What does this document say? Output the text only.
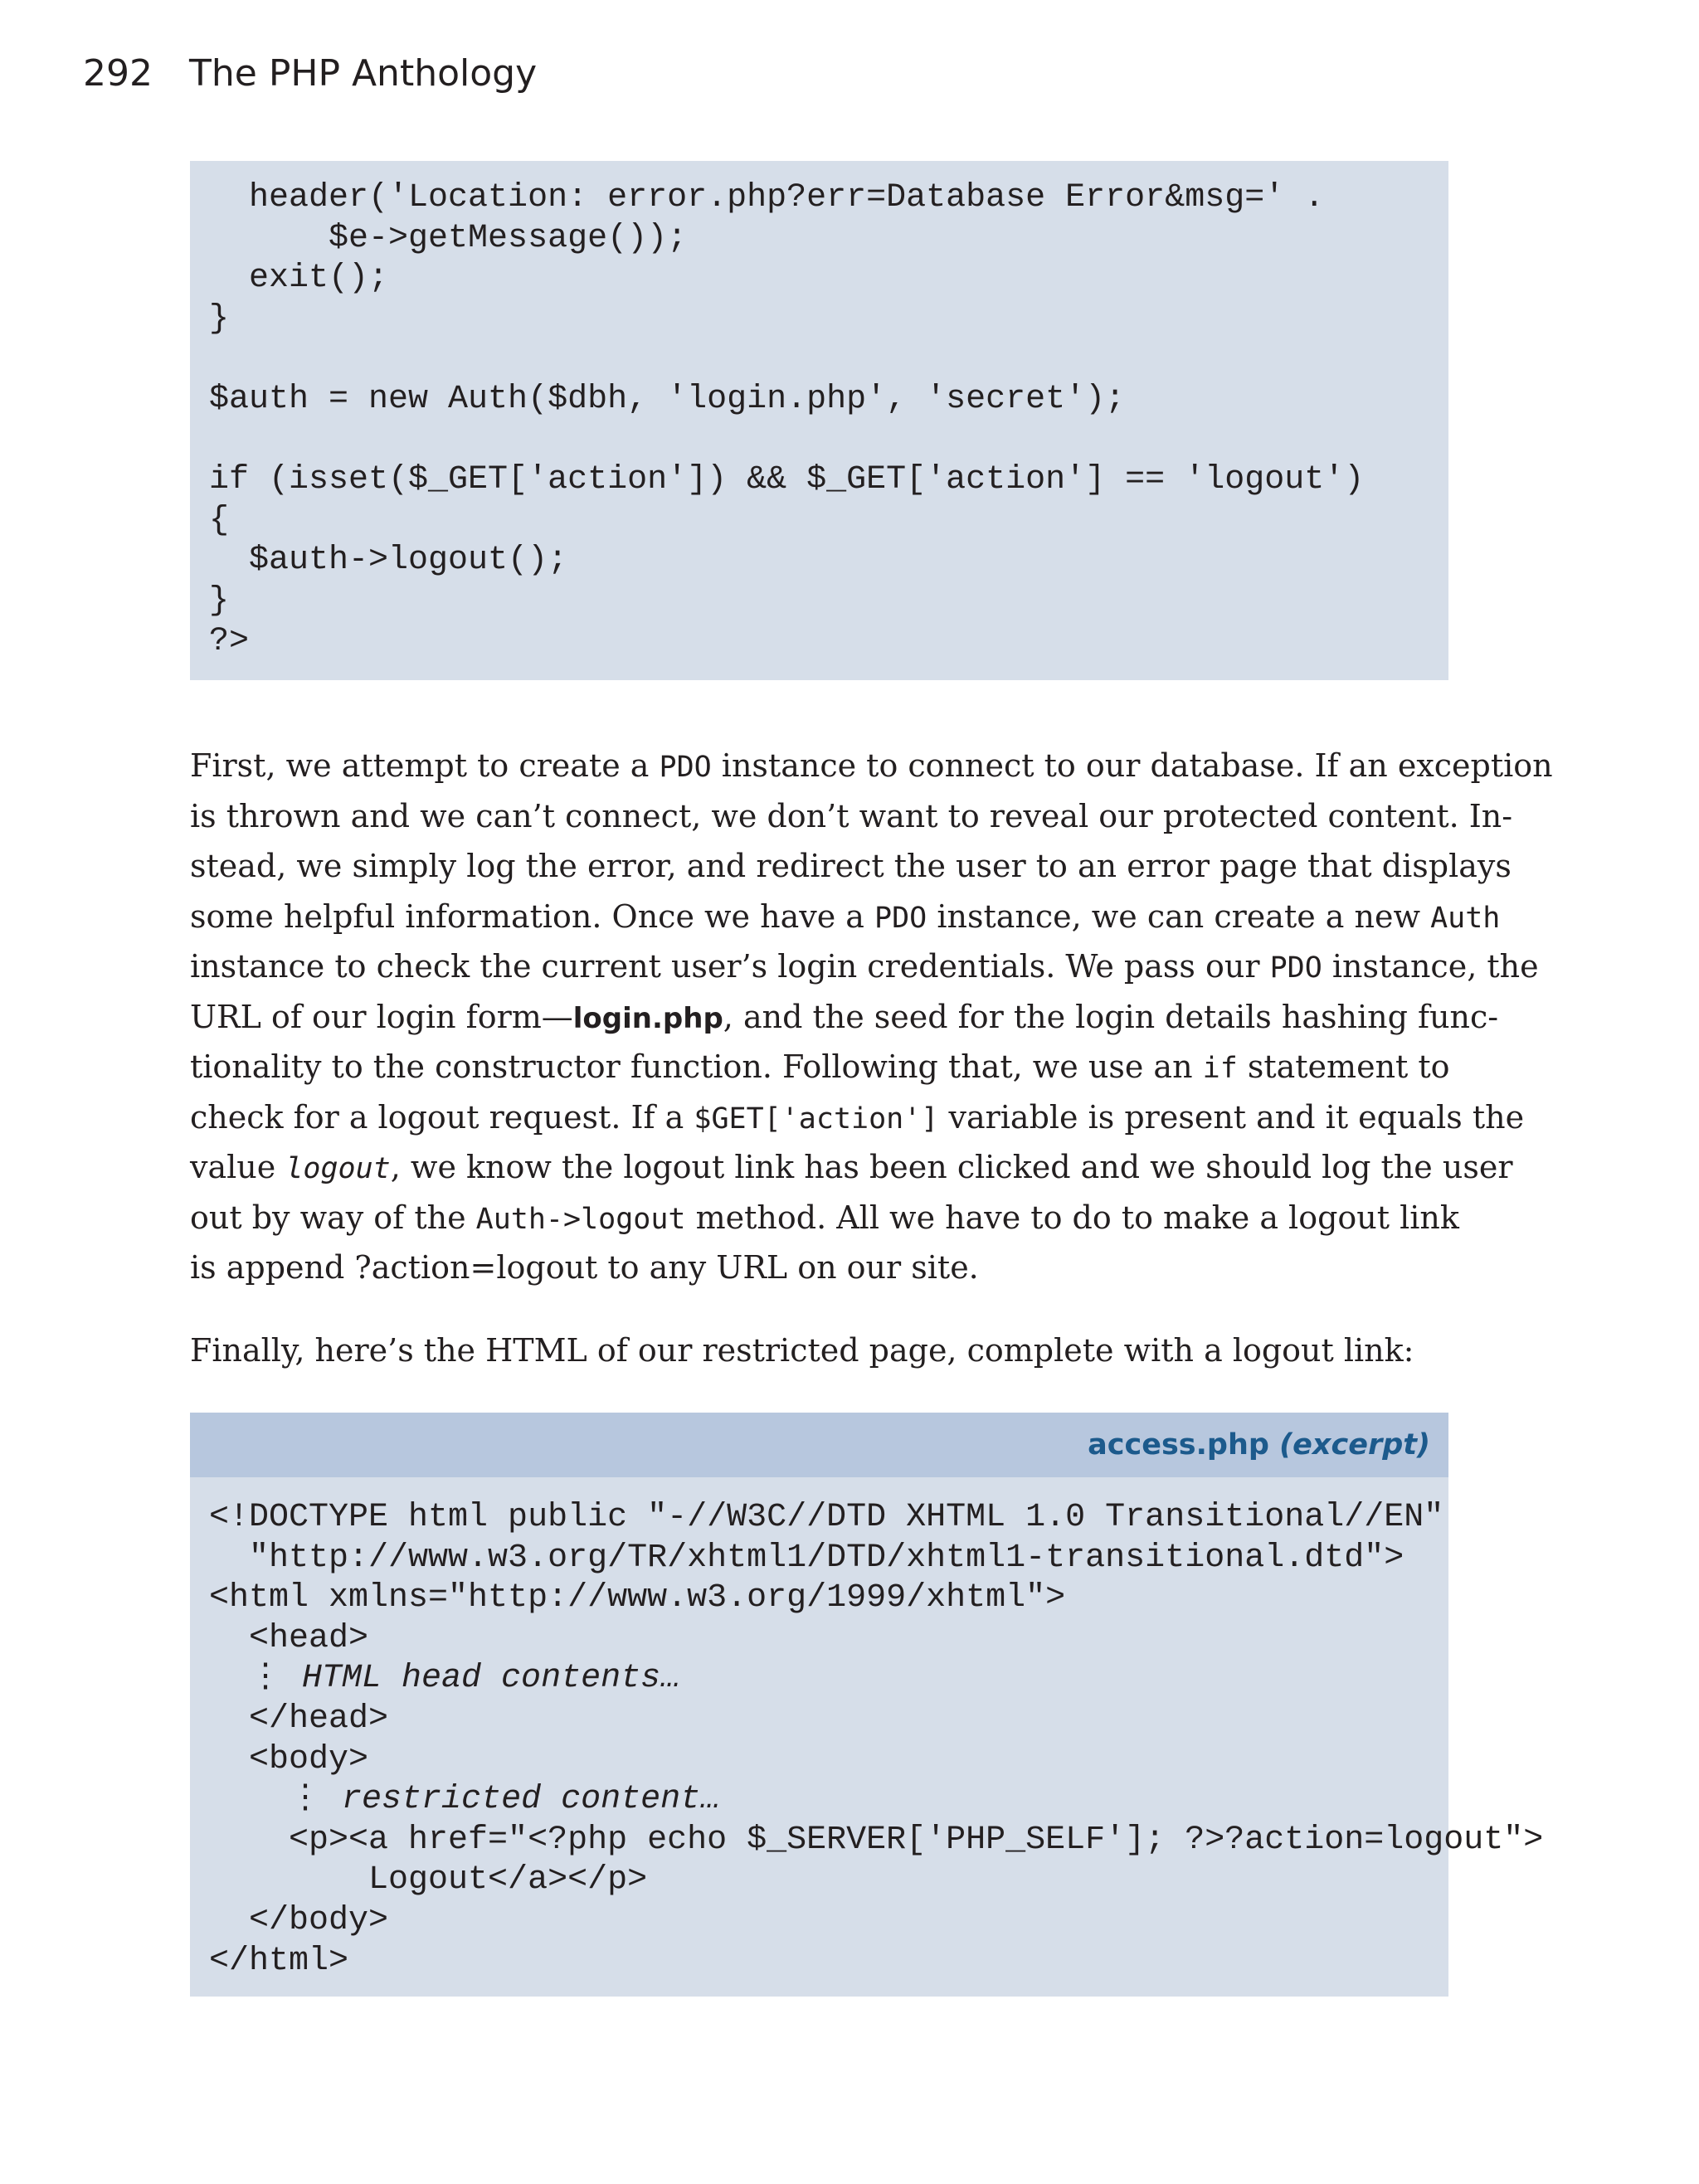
292 The PHP Anthology
header('Location: error.php?err=Database Error&msg=' .
$e->getMessage());
exit();
}

$auth = new Auth($dbh, 'login.php', 'secret');

if (isset($_GET['action']) && $_GET['action'] == 'logout')
{
$auth->logout();
}
?>
First, we attempt to create a PDO instance to connect to our database. If an exception
is thrown and we can’t connect, we don’t want to reveal our protected content. In-
stead, we simply log the error, and redirect the user to an error page that displays
some helpful information. Once we have a PDO instance, we can create a new Auth
instance to check the current user’s login credentials. We pass our PDO instance, the
URL of our login form—login.php, and the seed for the login details hashing func-
tionality to the constructor function. Following that, we use an if statement to
check for a logout request. If a $GET['action'] variable is present and it equals the
value logout, we know the logout link has been clicked and we should log the user
out by way of the Auth->logout method. All we have to do to make a logout link
is append ?action=logout to any URL on our site.
Finally, here’s the HTML of our restricted page, complete with a logout link:
access.php (excerpt)
<!DOCTYPE html public "-//W3C//DTD XHTML 1.0 Transitional//EN"
"http://www.w3.org/TR/xhtml1/DTD/xhtml1-transitional.dtd">
<html xmlns="http://www.w3.org/1999/xhtml">
<head>
⋮ HTML head contents…
</head>
<body>
⋮ restricted content…
<p><a href="<?php echo $_SERVER['PHP_SELF']; ?>?action=logout">
Logout</a></p>
</body>
</html>
